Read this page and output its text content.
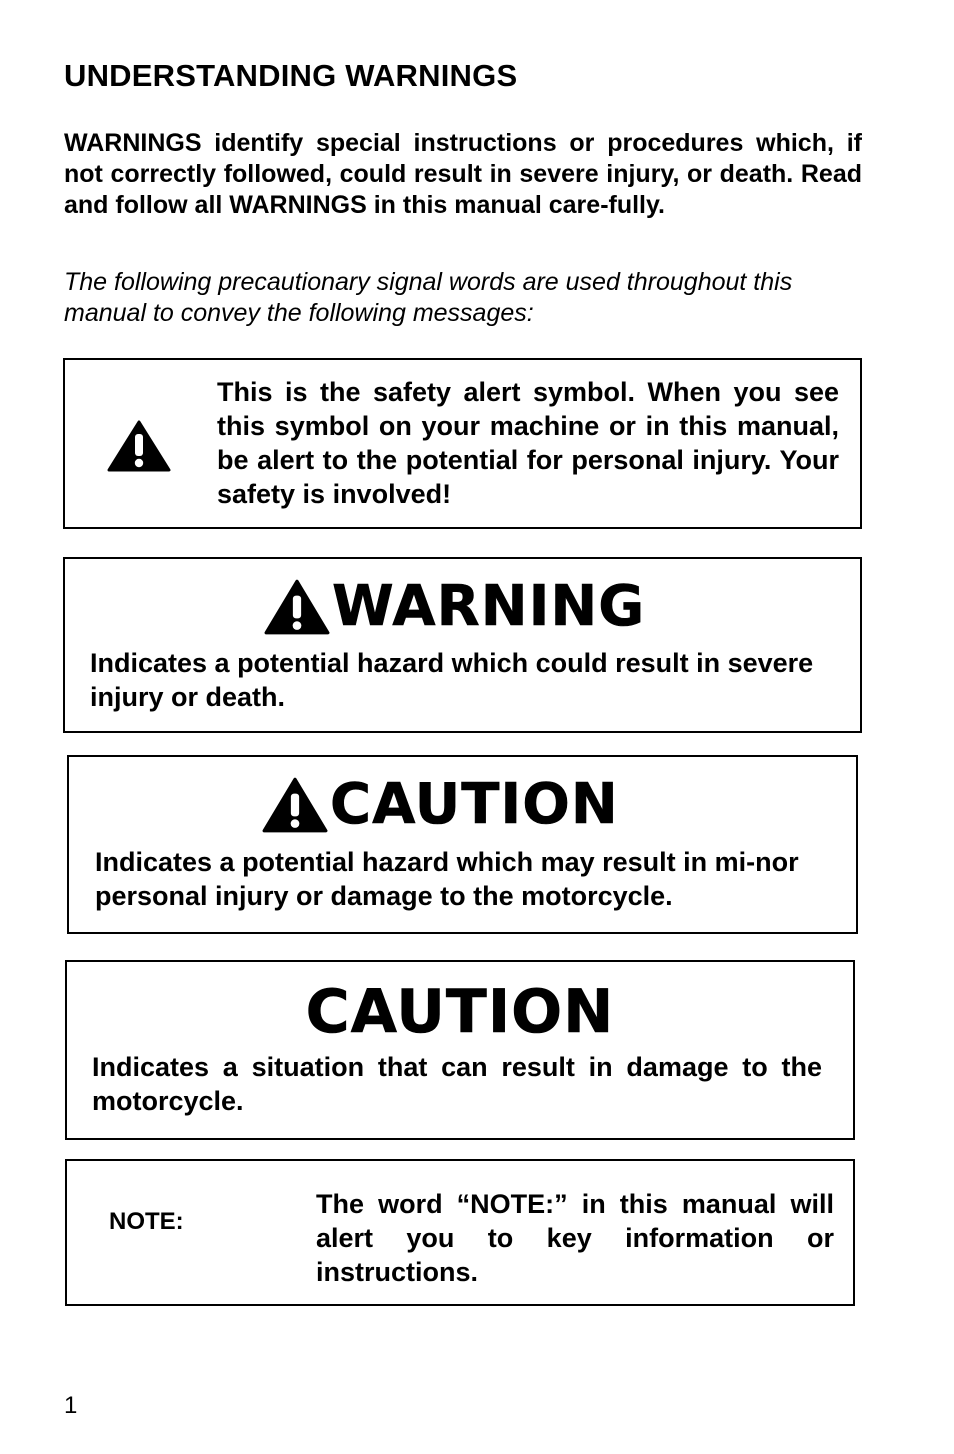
UNDERSTANDING WARNINGS

WARNINGS identify special instructions or procedures which, if not correctly followed, could result in severe injury, or death. Read and follow all WARNINGS in this manual care-fully.

The following precautionary signal words are used throughout this manual to convey the following messages:

This is the safety alert symbol. When you see this symbol on your machine or in this manual, be alert to the potential for personal injury. Your safety is involved!

WARNING

Indicates a potential hazard which could result in severe injury or death.

CAUTION

Indicates a potential hazard which may result in mi-nor personal injury or damage to the motorcycle.

CAUTION

Indicates a situation that can result in damage to the motorcycle.

NOTE:

The word “NOTE:” in this manual will alert you to key information or instructions.

1
